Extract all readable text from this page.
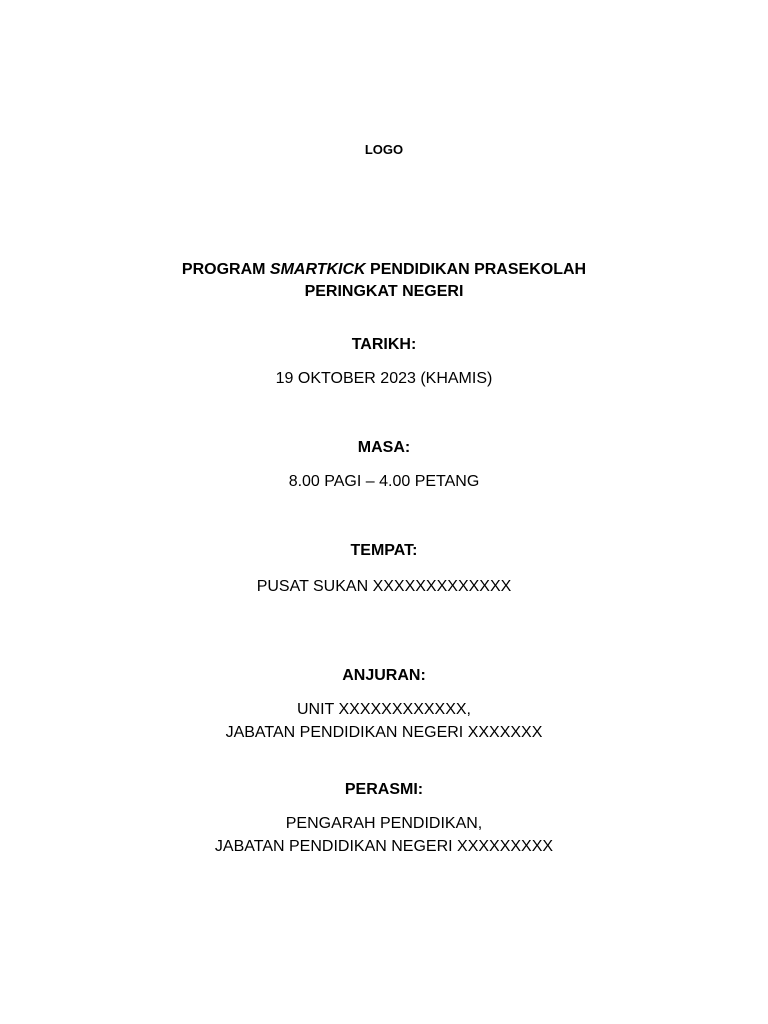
LOGO

PROGRAM SMARTKICK PENDIDIKAN PRASEKOLAH

PERINGKAT NEGERI

TARIKH:

19 OKTOBER 2023 (KHAMIS)

MASA:

8.00 PAGI – 4.00 PETANG

TEMPAT:

PUSAT SUKAN XXXXXXXXXXXXX

ANJURAN:

UNIT XXXXXXXXXXXX,

JABATAN PENDIDIKAN NEGERI XXXXXXX

PERASMI:

PENGARAH PENDIDIKAN,

JABATAN PENDIDIKAN NEGERI XXXXXXXXX
